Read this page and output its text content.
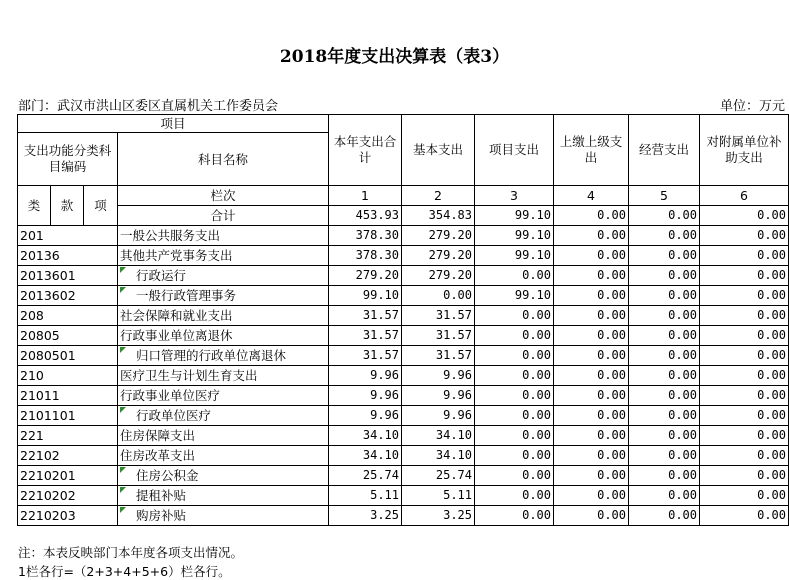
2018年度支出决算表（表3）
部门：武汉市洪山区委区直属机关工作委员会	单位：万元
项目				本年支出合计	基本支出	项目支出	上缴上级支出	经营支出	对附属单位补助支出
支出功能分类科目编码			科目名称						

类	款	项	栏次	1	2	3	4	5	6
			合计	453.93	354.83	99.10	0.00	0.00	0.00
201			一般公共服务支出	378.30	279.20	99.10	0.00	0.00	0.00
20136			其他共产党事务支出	378.30	279.20	99.10	0.00	0.00	0.00
2013601			行政运行	279.20	279.20	0.00	0.00	0.00	0.00
2013602			一般行政管理事务	99.10	0.00	99.10	0.00	0.00	0.00
208			社会保障和就业支出	31.57	31.57	0.00	0.00	0.00	0.00
20805			行政事业单位离退休	31.57	31.57	0.00	0.00	0.00	0.00
2080501			归口管理的行政单位离退休	31.57	31.57	0.00	0.00	0.00	0.00
210			医疗卫生与计划生育支出	9.96	9.96	0.00	0.00	0.00	0.00
21011			行政事业单位医疗	9.96	9.96	0.00	0.00	0.00	0.00
2101101			行政单位医疗	9.96	9.96	0.00	0.00	0.00	0.00
221			住房保障支出	34.10	34.10	0.00	0.00	0.00	0.00
22102			住房改革支出	34.10	34.10	0.00	0.00	0.00	0.00
2210201			住房公积金	25.74	25.74	0.00	0.00	0.00	0.00
2210202			提租补贴	5.11	5.11	0.00	0.00	0.00	0.00
2210203			购房补贴	3.25	3.25	0.00	0.00	0.00	0.00
注：本表反映部门本年度各项支出情况。
1栏各行=（2+3+4+5+6）栏各行。
